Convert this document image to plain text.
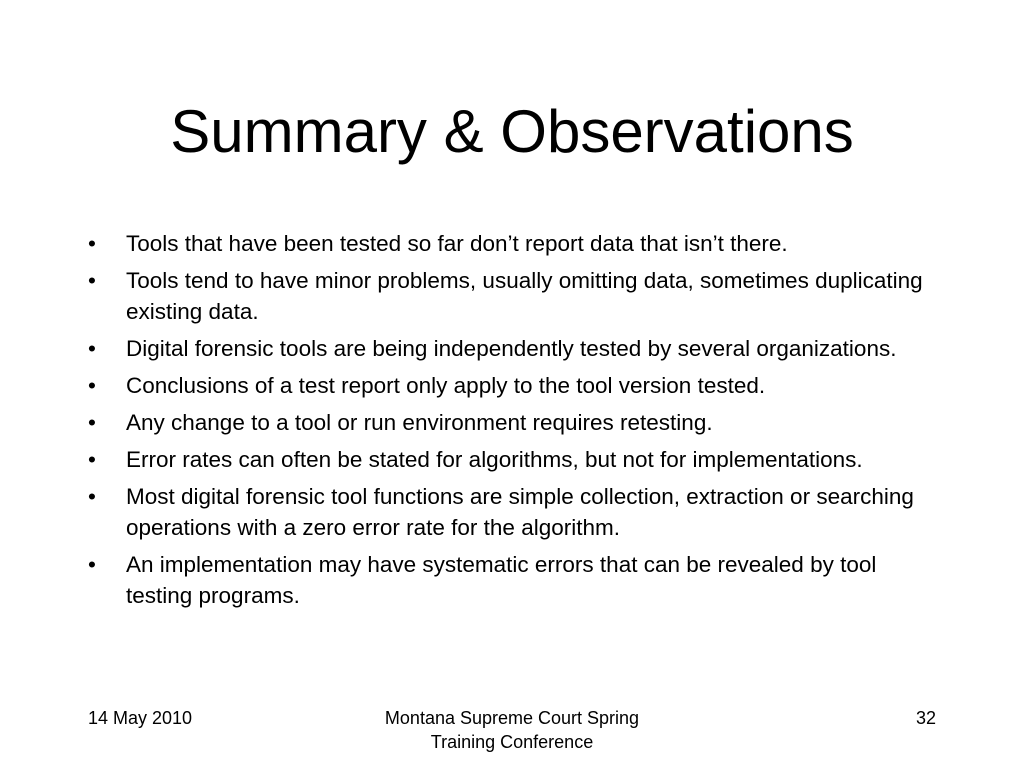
Summary & Observations
•	Tools that have been tested so far don’t report data that isn’t there.
•	Tools tend to have minor problems, usually omitting data, sometimes duplicating existing data.
•	Digital forensic tools are being independently tested by several organizations.
•	Conclusions of a test report only apply to the tool version tested.
•	Any change to a tool or run environment requires retesting.
•	Error rates can often be stated for algorithms, but not for implementations.
•	Most digital forensic tool functions are simple collection, extraction or searching operations with a zero error rate for the algorithm.
•	An implementation may have systematic errors that can be revealed by tool testing programs.
14 May 2010	Montana Supreme Court Spring
Training Conference
32
